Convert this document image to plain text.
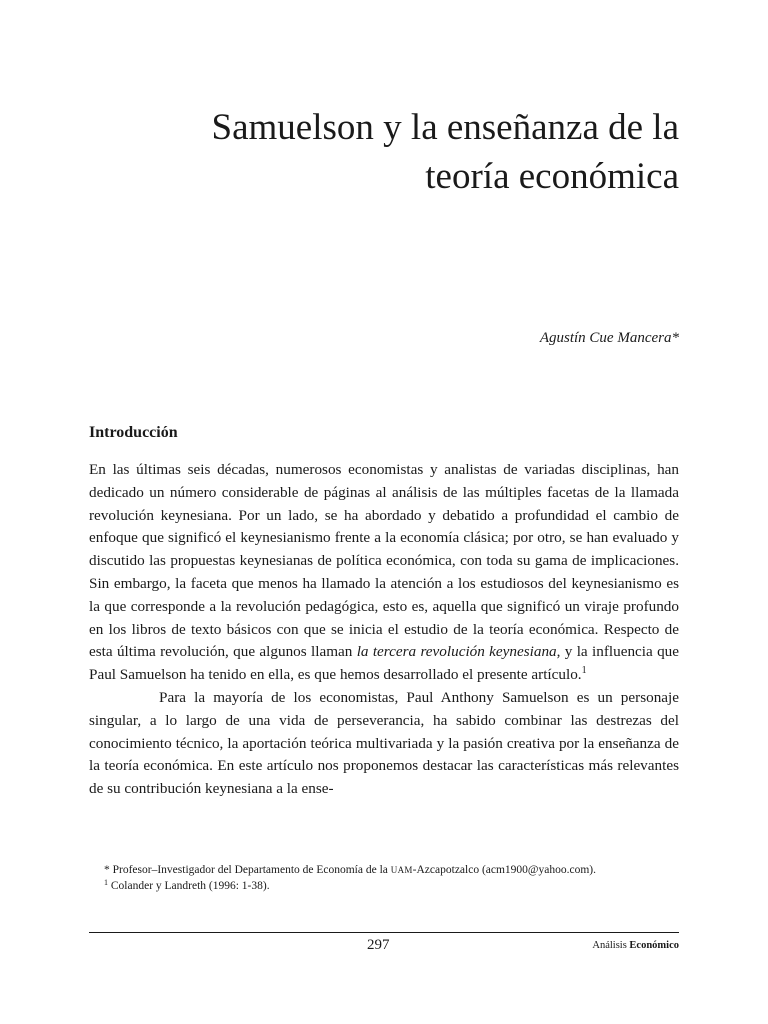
Samuelson y la enseñanza de la
teoría económica
Agustín Cue Mancera*
Introducción

En las últimas seis décadas, numerosos economistas y analistas de variadas disciplinas, han dedicado un número considerable de páginas al análisis de las múltiples facetas de la llamada revolución keynesiana. Por un lado, se ha abordado y debatido a profundidad el cambio de enfoque que significó el keynesianismo frente a la economía clásica; por otro, se han evaluado y discutido las propuestas keynesianas de política económica, con toda su gama de implicaciones. Sin embargo, la faceta que menos ha llamado la atención a los estudiosos del keynesianismo es la que corresponde a la revolución pedagógica, esto es, aquella que significó un viraje profundo en los libros de texto básicos con que se inicia el estudio de la teoría económica. Respecto de esta última revolución, que algunos llaman la tercera revolución keynesiana, y la influencia que Paul Samuelson ha tenido en ella, es que hemos desarrollado el presente artículo.$^1$

Para la mayoría de los economistas, Paul Anthony Samuelson es un personaje singular, a lo largo de una vida de perseverancia, ha sabido combinar las destrezas del conocimiento técnico, la aportación teórica multivariada y la pasión creativa por la enseñanza de la teoría económica. En este artículo nos proponemos destacar las características más relevantes de su contribución keynesiana a la ense-

* Profesor–Investigador del Departamento de Economía de la UAM-Azcapotzalco (acm1900@yahoo.com).

$^1$ Colander y Landreth (1996: 1-38).

297	Análisis Económico
